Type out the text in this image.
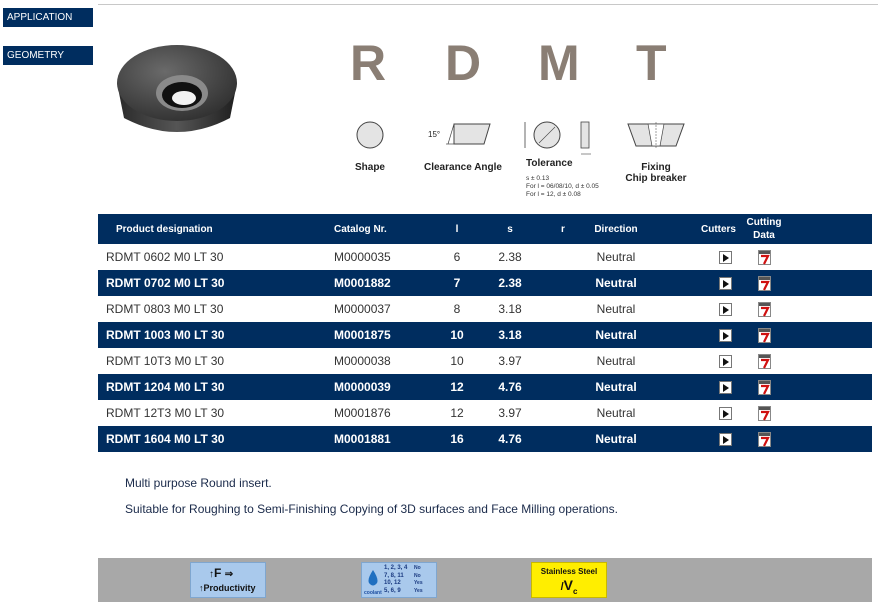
APPLICATION
GEOMETRY	R D M T
Shape
15°
Clearance Angle	Tolerance
s ± 0.13
For l = 06/08/10, d ± 0.05
For l = 12, d ± 0.08
Fixing
Chip breaker
Product designation	Catalog Nr.	l	s	r	Direction	Cutters	Cutting
Data	

RDMT 0602 M0 LT 30	M0000035	6	2.38		Neutral			
RDMT 0702 M0 LT 30	M0001882	7	2.38		Neutral			
RDMT 0803 M0 LT 30	M0000037	8	3.18		Neutral			
RDMT 1003 M0 LT 30	M0001875	10	3.18		Neutral			
RDMT 10T3 M0 LT 30	M0000038	10	3.97		Neutral			
RDMT 1204 M0 LT 30	M0000039	12	4.76		Neutral			
RDMT 12T3 M0 LT 30	M0001876	12	3.97		Neutral			
RDMT 1604 M0 LT 30	M0001881	16	4.76		Neutral			
Multi purpose Round insert.
Suitable for Roughing to Semi-Finishing Copying of 3D surfaces and Face Milling operations.
↑F ⇒
↑Productivity	coolant
1, 2, 3, 4 No
7, 8, 11 No
10, 12	Yes
5, 6, 9	Yes
Stainless Steel
$/V_c$
